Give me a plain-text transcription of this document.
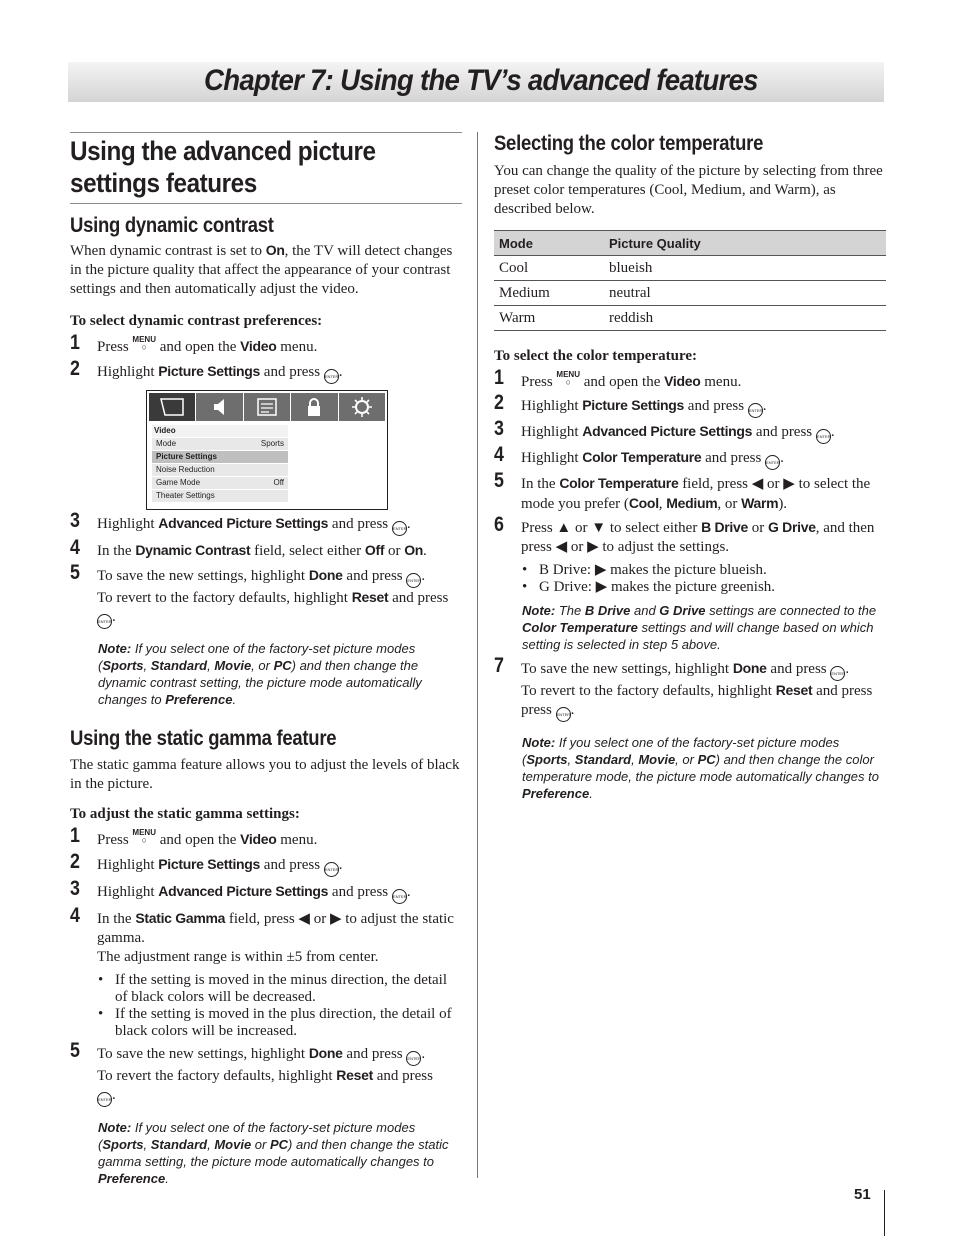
Chapter 7: Using the TV’s advanced features
Using the advanced picture
settings features
Using dynamic contrast

When dynamic contrast is set to On, the TV will detect changes in the picture quality that affect the appearance of your contrast settings and then automatically adjust the video.

To select dynamic contrast preferences:

1 Press MENU
○ and open the Video menu.
2 Highlight Picture Settings and press ENTER.
Video
Mode	Sports
Picture Settings
Noise Reduction
Game Mode	Off
Theater Settings
3 Highlight Advanced Picture Settings and press ENTER.
4 In the Dynamic Contrast field, select either Off or On.
5 To save the new settings, highlight Done and press ENTER.
To revert to the factory defaults, highlight Reset and press ENTER.

Note: If you select one of the factory-set picture modes (Sports, Standard, Movie, or PC) and then change the dynamic contrast setting, the picture mode automatically changes to Preference.

Using the static gamma feature

The static gamma feature allows you to adjust the levels of black in the picture.

To adjust the static gamma settings:

1 Press MENU
○ and open the Video menu.
2 Highlight Picture Settings and press ENTER.
3 Highlight Advanced Picture Settings and press ENTER.
4 In the Static Gamma field, press ◀ or ▶ to adjust the static gamma.
The adjustment range is within ±5 from center.
• If the setting is moved in the minus direction, the detail of black colors will be decreased.
• If the setting is moved in the plus direction, the detail of black colors will be increased.
5 To save the new settings, highlight Done and press ENTER.
To revert the factory defaults, highlight Reset and press
ENTER.

Note: If you select one of the factory-set picture modes (Sports, Standard, Movie or PC) and then change the static gamma setting, the picture mode automatically changes to Preference.

Selecting the color temperature

You can change the quality of the picture by selecting from three preset color temperatures (Cool, Medium, and Warm), as described below.

Mode	Picture Quality
Cool	blueish
Medium	neutral
Warm	reddish

To select the color temperature:

1 Press MENU
○ and open the Video menu.
2 Highlight Picture Settings and press ENTER.
3 Highlight Advanced Picture Settings and press ENTER.
4 Highlight Color Temperature and press ENTER.
5 In the Color Temperature field, press ◀ or ▶ to select the mode you prefer (Cool, Medium, or Warm).
6 Press ▲ or ▼ to select either B Drive or G Drive, and then press ◀ or ▶ to adjust the settings.
• B Drive: ▶ makes the picture blueish.
• G Drive: ▶ makes the picture greenish.

Note: The B Drive and G Drive settings are connected to the Color Temperature settings and will change based on which setting is selected in step 5 above.

7 To save the new settings, highlight Done and press ENTER.
To revert to the factory defaults, highlight Reset and press
press ENTER.

Note: If you select one of the factory-set picture modes (Sports, Standard, Movie, or PC) and then change the color temperature mode, the picture mode automatically changes to Preference.

51
